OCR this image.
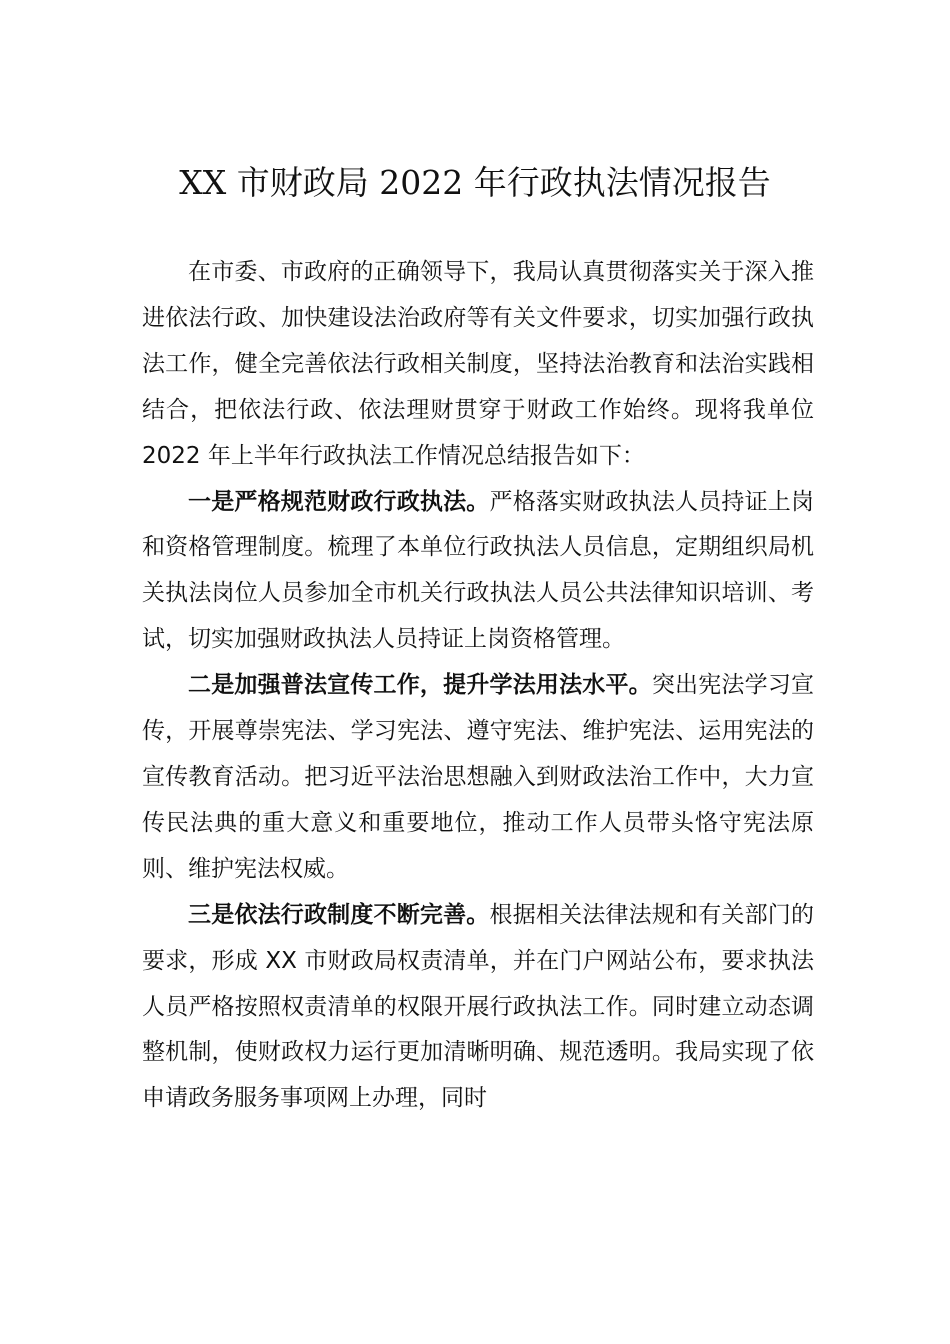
XX 市财政局 2022 年行政执法情况报告

在市委、市政府的正确领导下，我局认真贯彻落实关于深入推进依法行政、加快建设法治政府等有关文件要求，切实加强行政执法工作，健全完善依法行政相关制度，坚持法治教育和法治实践相结合，把依法行政、依法理财贯穿于财政工作始终。现将我单位 2022 年上半年行政执法工作情况总结报告如下：

一是严格规范财政行政执法。严格落实财政执法人员持证上岗和资格管理制度。梳理了本单位行政执法人员信息，定期组织局机关执法岗位人员参加全市机关行政执法人员公共法律知识培训、考试，切实加强财政执法人员持证上岗资格管理。

二是加强普法宣传工作，提升学法用法水平。突出宪法学习宣传，开展尊崇宪法、学习宪法、遵守宪法、维护宪法、运用宪法的宣传教育活动。把习近平法治思想融入到财政法治工作中，大力宣传民法典的重大意义和重要地位，推动工作人员带头恪守宪法原则、维护宪法权威。

三是依法行政制度不断完善。根据相关法律法规和有关部门的要求，形成 XX 市财政局权责清单，并在门户网站公布，要求执法人员严格按照权责清单的权限开展行政执法工作。同时建立动态调整机制，使财政权力运行更加清晰明确、规范透明。我局实现了依申请政务服务事项网上办理，同时
